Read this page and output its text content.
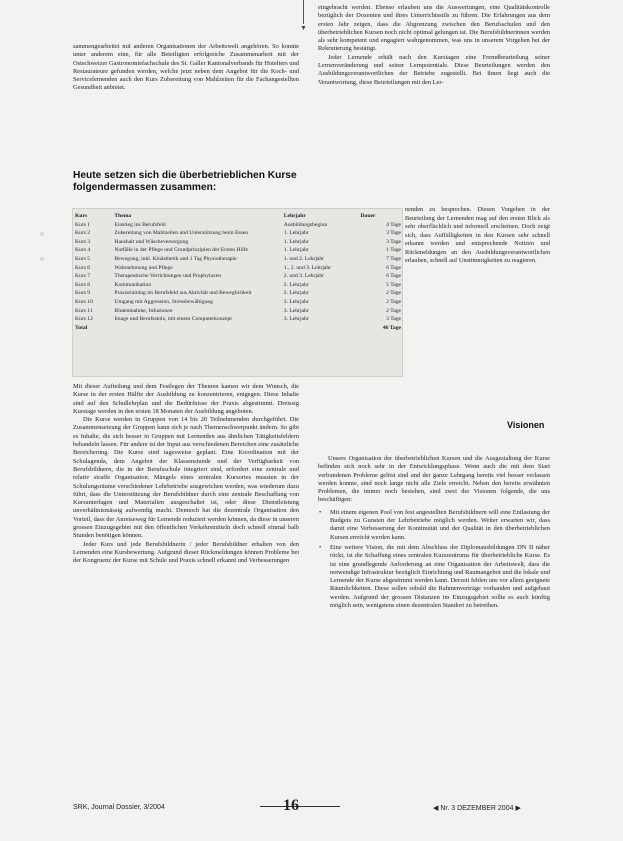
▼

sammengearbeitet mit anderen Organisationen der Arbeitswelt angehören. So konnte unter anderem eine, für alle Beteiligten erfolgreiche Zusammenarbeit mit der Ostschweizer Gastronomiefachschule des St. Galler Kantonalverbands für Hoteliers und Restaurateure gefunden werden, welche jetzt neben dem Angebot für die Koch- und Servicelernenden auch den Kurs Zubereitung von Mahlzeiten für die Fachangestellten Gesundheit anbietet.

eingebracht werden. Ebenso erlauben uns die Auswertungen, eine Qualitätskontrolle bezüglich der Dozenten und ihres Unterrichtsstils zu führen. Die Erfahrungen aus dem ersten Jahr zeigen, dass die Abgrenzung zwischen den Berufsschulen und den überbetrieblichen Kursen noch nicht optimal gelungen ist. Die Berufsbildnerinnen werden als sehr kompetent und engagiert wahrgenommen, was uns in unserem Vorgehen bei der Rekrutierung bestätigt.

Jeder Lernende erhält nach den Kurstagen eine Fremdbeurteilung seiner Lernenveränderung und seiner Lernpotentiale. Diese Beurteilungen werden den Ausbildungsverantwortlichen der Betriebe zugestellt. Bei ihnen liegt auch die Verantwortung, diese Beurteilungen mit den Ler-

Heute setzen sich die überbetrieblichen Kurse
folgendermassen zusammen:
Kurs	Thema	Lehrjahr	Dauer
Kurs 1	Einstieg ins Berufsfeld	Ausbildungsbeginn	4 Tage
Kurs 2	Zubereitung von Mahlzeiten und Unterstützung beim Essen	1. Lehrjahr	3 Tage
Kurs 3	Haushalt und Wäscheversorgung	1. Lehrjahr	3 Tage
Kurs 4	Notfälle in der Pflege und Grundprinzipien der Ersten Hilfe	1. Lehrjahr	1 Tage
Kurs 5	Bewegung, inkl. Kinästhetik und 1 Tag Physiotherapie	1. und 2. Lehrjahr	7 Tage
Kurs 6	Wahrnehmung und Pflege	1., 2. und 3. Lehrjahr	6 Tage
Kurs 7	Therapeutische Verrichtungen und Prophylaxen	2. und 3. Lehrjahr	6 Tage
Kurs 8	Kommunikation	2. Lehrjahr	5 Tage
Kurs 9	Praxistraining im Berufsfeld aus Aktivität und Beweglichkeit	2. Lehrjahr	2 Tage
Kurs 10	Umgang mit Aggression, Stressbewältigung	3. Lehrjahr	2 Tage
Kurs 11	Blutentnahme, Infusionen	3. Lehrjahr	2 Tage
Kurs 12	Image und Berufsstolz, mit einem Computerkonzept	3. Lehrjahr	3 Tage
Total			46 Tage

nenden zu besprechen. Diesen Vorgehen in der Beurteilung der Lernenden mag auf den ersten Blick als sehr oberflächlich und informell erscheinen. Doch zeigt sich, dass Auffälligkeiten in den Kursen sehr schnell erkannt werden und entsprechende Notizen und Rückmeldungen an den Ausbildungsverantwortlichen erlauben, schnell auf Unstimmigkeiten zu reagieren.

Mit dieser Aufteilung und dem Festlegen der Themen kamen wir dem Wunsch, die Kurse in der ersten Hälfte der Ausbildung zu konzentrieren, entgegen. Diese Inhalte sind auf den Schullehrplan und die Bedürfnisse der Praxis abgestimmt. Dreissig Kurstage werden in den ersten 18 Monaten der Ausbildung angeboten.

Die Kurse werden in Gruppen von 14 bis 20 Teilnehmenden durchgeführt. Die Zusammensetzung der Gruppen kann sich je nach Themenschwerpunkt ändern. So gibt es Inhalte, die sich besser in Gruppen mit Lernenden aus ähnlichen Tätigkeitsfeldern behandeln lassen. Für andere ist der Input aus verschiedenen Bereichen eine zusätzliche Bereicherung. Die Kurse sind tagesweise geplant. Eine Koordination mit der Schulagenda, dem Angebot der Klassenstunde und der Verfügbarkeit von Berufsbildnern, die in der Berufsschule integriert sind, erfordert eine zentrale und relativ straffe Organisation. Mängels eines zentralen Kursortes mussten in der Schulungsräume verschiedener Lehrbetriebe ausgewichen werden, was wiederum dazu führt, dass die Unterstützung der Berufsbildner durch eine zentrale Beschaffung von Kursunterlagen und Materialien ausgeschaltet ist, oder diese Dienstleistung unverhältnismässig aufwendig macht. Dennoch hat die dezentrale Organisation den Vorteil, dass der Anreiseweg für Lernende reduziert werden können, da diese in unseren grossen Einzugsgebiet mit den öffentlichen Verkehrsmitteln doch schnell einmal halb Stunden benötigen können.

Jeder Kurs und jede Berufsbildnerin / jeder Berufsbildner erhalten von den Lernenden eine Kursbewertung. Aufgrund dieser Rückmeldungen können Probleme bei der Kongruenz der Kurse mit Schule und Praxis schnell erkannt und Verbesserungen

Visionen

Unsere Organisation der überbetrieblichen Kursen und die Ausgestaltung der Kurse befinden sich noch sehr in der Entwicklungsphase. Wenn auch die mit dem Start verbundenen Probleme gelöst sind und der ganze Lehrgang bereits viel besser verlassen werden konnte, sind noch lange nicht alle Ziele erreicht. Neben den bereits erwähnten Problemen, die immer noch bestehen, sind zwei der Visionen folgende, die uns beschäftigen:

• Mit einem eigenen Pool von fest angestellten Berufsbildnern will eine Entlastung der Budgets zu Gunsten der Lehrbetriebe möglich werden. Weiter erwarten wir, dass damit eine Verbesserung der Kontinuität und der Qualität in den überbetrieblichen Kursen erreicht werden kann.
• Eine weitere Vision, die mit dem Abschluss der Diplomausbildungen DN II näher rückt, ist die Schaffung eines zentralen Kurszentrums für überbetriebliche Kurse. Es ist eine grundlegende Anforderung an eine Organisation der Arbeitswelt, dass die notwendige Infrastruktur bezüglich Einrichtung und Raumangebot und die lokale und Lernende der Kurse abgestimmt werden kann. Derzeit fehlen uns vor allem geeignete Räumlichkeiten. Diese sollen sobald die Rahmenverträge vorhanden und aufgebaut werden. Aufgrund der grossen Distanzen im Einzugsgebiet sollte es auch künftig möglich sein, wenigstens einen dezentralen Standort zu betreiben.
SRK, Journal Dossier, 3/2004	16	◀ Nr. 3 DEZEMBER 2004 ▶
